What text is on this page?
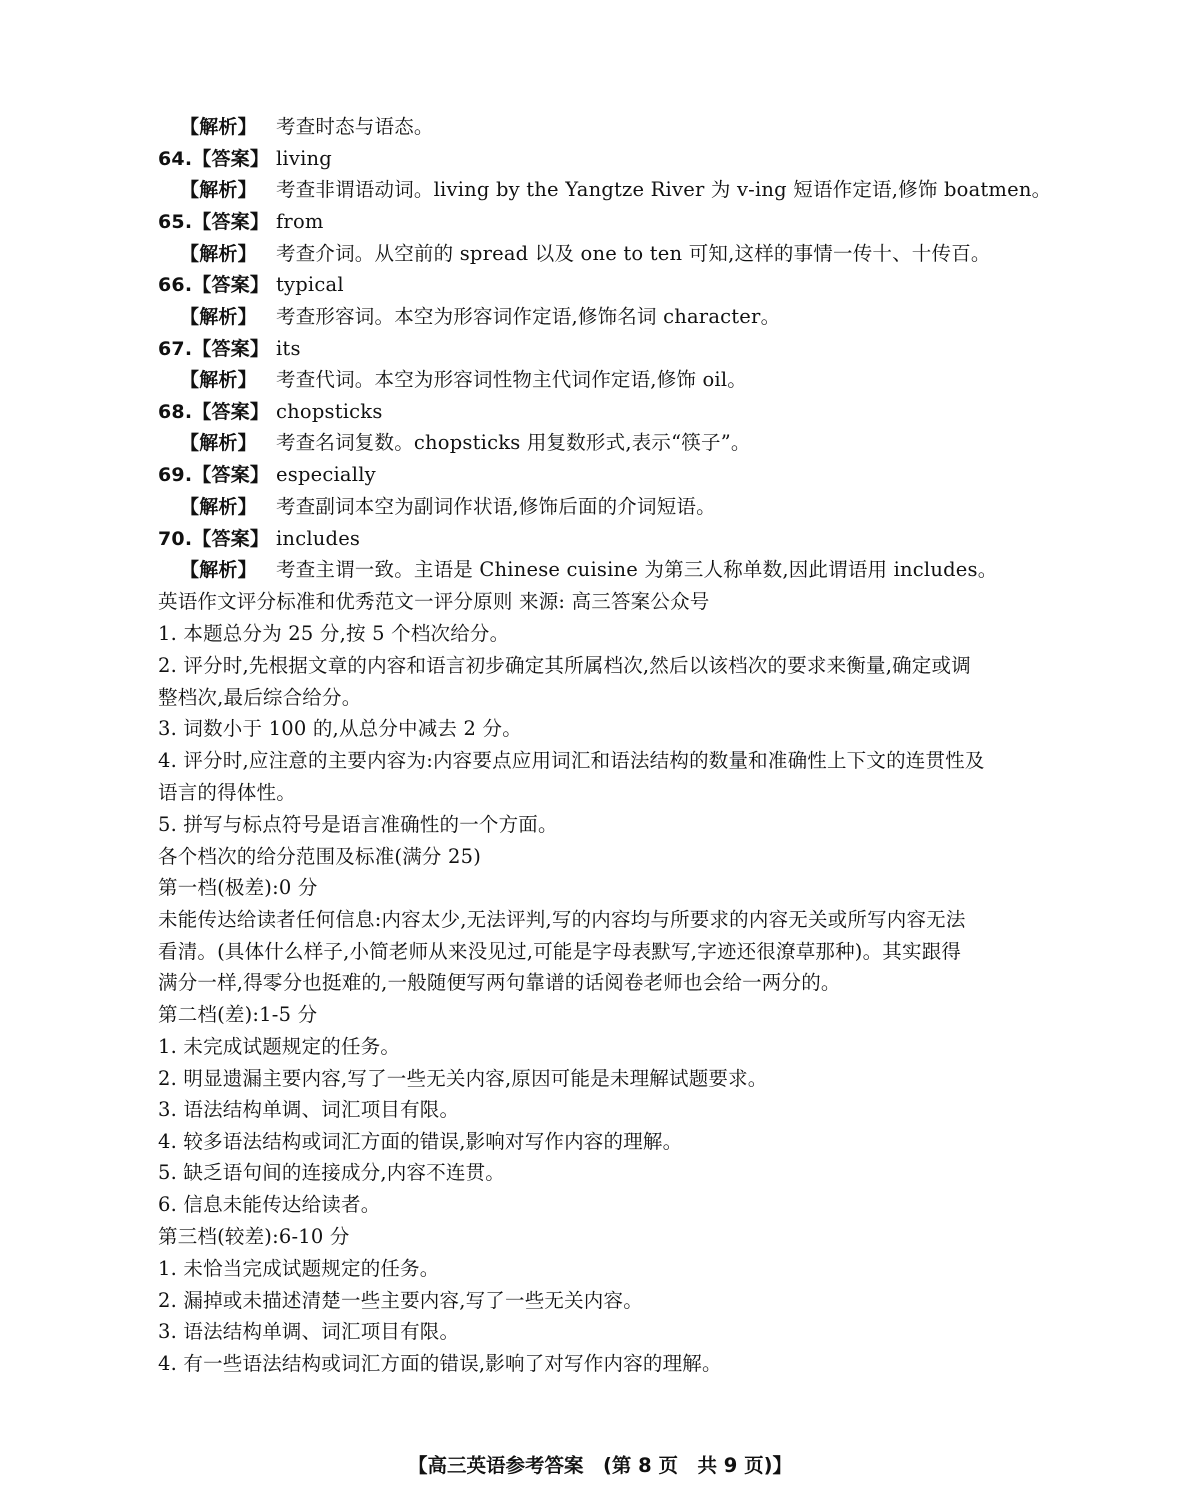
【解析】 考查时态与语态。
64.【答案】 living
【解析】 考查非谓语动词。living by the Yangtze River 为 v-ing 短语作定语,修饰 boatmen。
65.【答案】 from
【解析】 考查介词。从空前的 spread 以及 one to ten 可知,这样的事情一传十、十传百。
66.【答案】 typical
【解析】 考查形容词。本空为形容词作定语,修饰名词 character。
67.【答案】 its
【解析】 考查代词。本空为形容词性物主代词作定语,修饰 oil。
68.【答案】 chopsticks
【解析】 考查名词复数。chopsticks 用复数形式,表示“筷子”。
69.【答案】 especially
【解析】 考查副词本空为副词作状语,修饰后面的介词短语。
70.【答案】 includes
【解析】 考查主谓一致。主语是 Chinese cuisine 为第三人称单数,因此谓语用 includes。
英语作文评分标准和优秀范文一评分原则 来源: 高三答案公众号
1. 本题总分为 25 分,按 5 个档次给分。
2. 评分时,先根据文章的内容和语言初步确定其所属档次,然后以该档次的要求来衡量,确定或调
整档次,最后综合给分。
3. 词数小于 100 的,从总分中减去 2 分。
4. 评分时,应注意的主要内容为:内容要点应用词汇和语法结构的数量和准确性上下文的连贯性及
语言的得体性。
5. 拼写与标点符号是语言准确性的一个方面。
各个档次的给分范围及标准(满分 25)
第一档(极差):0 分
未能传达给读者任何信息:内容太少,无法评判,写的内容均与所要求的内容无关或所写内容无法
看清。(具体什么样子,小简老师从来没见过,可能是字母表默写,字迹还很潦草那种)。其实跟得
满分一样,得零分也挺难的,一般随便写两句靠谱的话阅卷老师也会给一两分的。
第二档(差):1-5 分
1. 未完成试题规定的任务。
2. 明显遗漏主要内容,写了一些无关内容,原因可能是未理解试题要求。
3. 语法结构单调、词汇项目有限。
4. 较多语法结构或词汇方面的错误,影响对写作内容的理解。
5. 缺乏语句间的连接成分,内容不连贯。
6. 信息未能传达给读者。
第三档(较差):6-10 分
1. 未恰当完成试题规定的任务。
2. 漏掉或未描述清楚一些主要内容,写了一些无关内容。
3. 语法结构单调、词汇项目有限。
4. 有一些语法结构或词汇方面的错误,影响了对写作内容的理解。
【高三英语参考答案　(第 8 页　共 9 页)】
